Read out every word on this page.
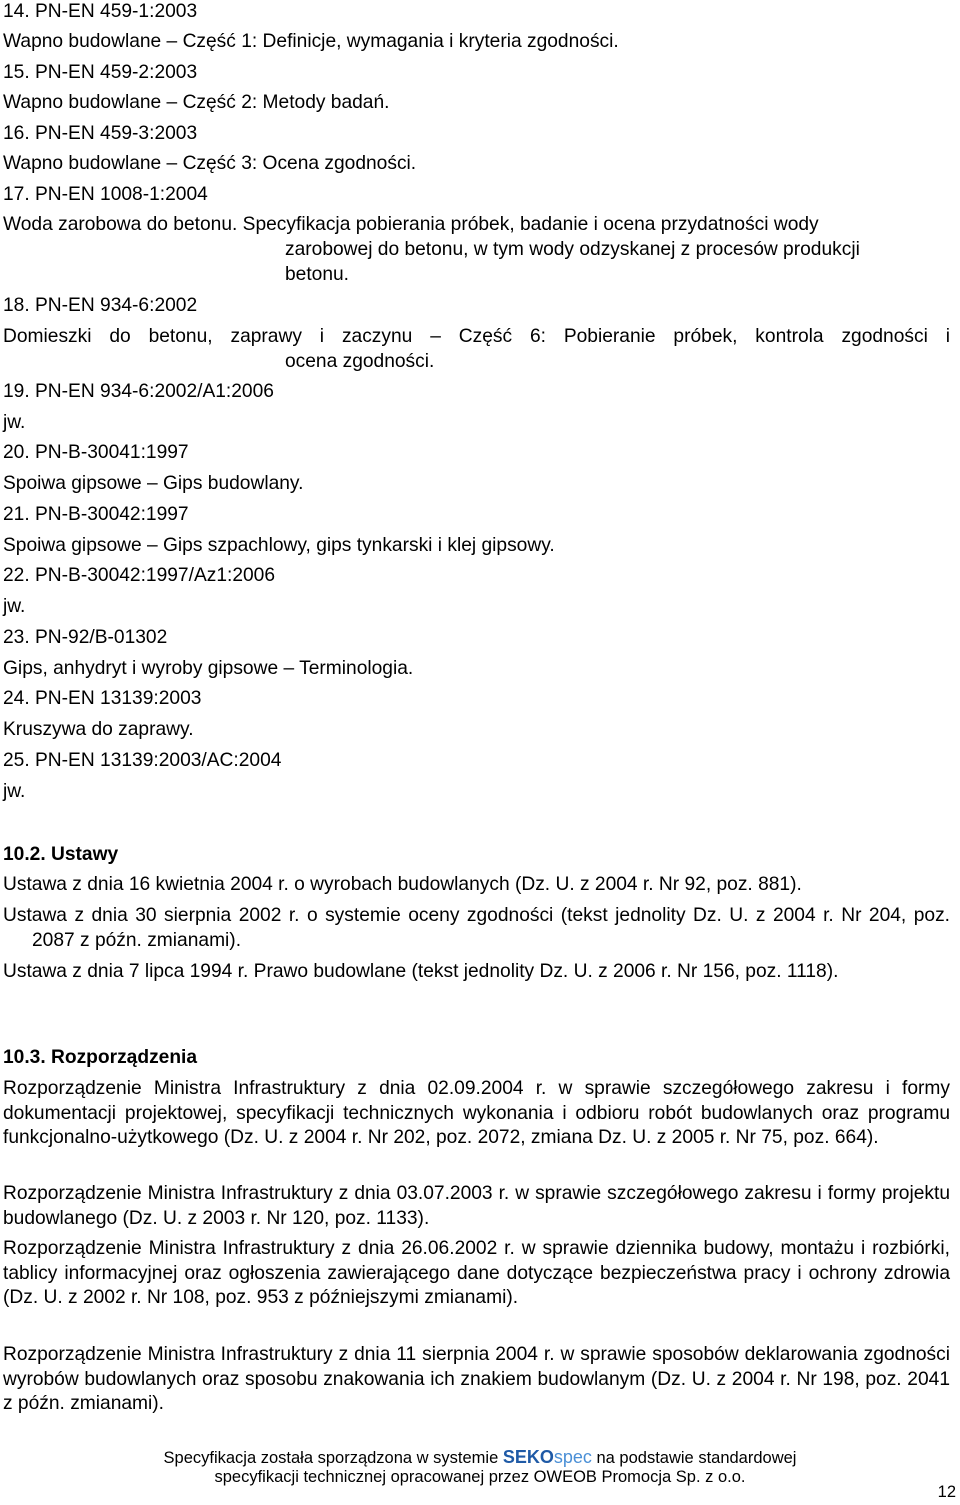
14. PN-EN 459-1:2003
Wapno budowlane – Część 1: Definicje, wymagania i kryteria zgodności.
15. PN-EN 459-2:2003
Wapno budowlane – Część 2: Metody badań.
16. PN-EN 459-3:2003
Wapno budowlane – Część 3: Ocena zgodności.
17. PN-EN 1008-1:2004
Woda zarobowa do betonu. Specyfikacja pobierania próbek, badanie i ocena przydatności wody
zarobowej do betonu, w tym wody odzyskanej z procesów produkcji
betonu.
18. PN-EN 934-6:2002
Domieszki do betonu, zaprawy i zaczynu – Część 6: Pobieranie próbek, kontrola zgodności i
ocena zgodności.
19. PN-EN 934-6:2002/A1:2006
jw.
20. PN-B-30041:1997
Spoiwa gipsowe – Gips budowlany.
21. PN-B-30042:1997
Spoiwa gipsowe – Gips szpachlowy, gips tynkarski i klej gipsowy.
22. PN-B-30042:1997/Az1:2006
jw.
23. PN-92/B-01302
Gips, anhydryt i wyroby gipsowe – Terminologia.
24. PN-EN 13139:2003
Kruszywa do zaprawy.
25. PN-EN 13139:2003/AC:2004
jw.
10.2. Ustawy
Ustawa z dnia 16 kwietnia 2004 r. o wyrobach budowlanych (Dz. U. z 2004 r. Nr 92, poz. 881).
Ustawa z dnia 30 sierpnia 2002 r. o systemie oceny zgodności (tekst jednolity Dz. U. z 2004 r. Nr 204, poz. 2087 z późn. zmianami).
Ustawa z dnia 7 lipca 1994 r. Prawo budowlane (tekst jednolity Dz. U. z 2006 r. Nr 156, poz. 1118).
10.3. Rozporządzenia
Rozporządzenie Ministra Infrastruktury z dnia 02.09.2004 r. w sprawie szczegółowego zakresu i formy dokumentacji projektowej, specyfikacji technicznych wykonania i odbioru robót budowlanych oraz programu funkcjonalno-użytkowego (Dz. U. z 2004 r. Nr 202, poz. 2072, zmiana Dz. U. z 2005 r. Nr 75, poz. 664).
Rozporządzenie Ministra Infrastruktury z dnia 03.07.2003 r. w sprawie szczegółowego zakresu i formy projektu budowlanego (Dz. U. z 2003 r. Nr 120, poz. 1133).
Rozporządzenie Ministra Infrastruktury z dnia 26.06.2002 r. w sprawie dziennika budowy, montażu i rozbiórki, tablicy informacyjnej oraz ogłoszenia zawierającego dane dotyczące bezpieczeństwa pracy i ochrony zdrowia (Dz. U. z 2002 r. Nr 108, poz. 953 z późniejszymi zmianami).
Rozporządzenie Ministra Infrastruktury z dnia 11 sierpnia 2004 r. w sprawie sposobów deklarowania zgodności wyrobów budowlanych oraz sposobu znakowania ich znakiem budowlanym (Dz. U. z 2004 r. Nr 198, poz. 2041 z późn. zmianami).
Specyfikacja została sporządzona w systemie SEKOspec na podstawie standardowej
specyfikacji technicznej opracowanej przez OWEOB Promocja Sp. z o.o.
12
